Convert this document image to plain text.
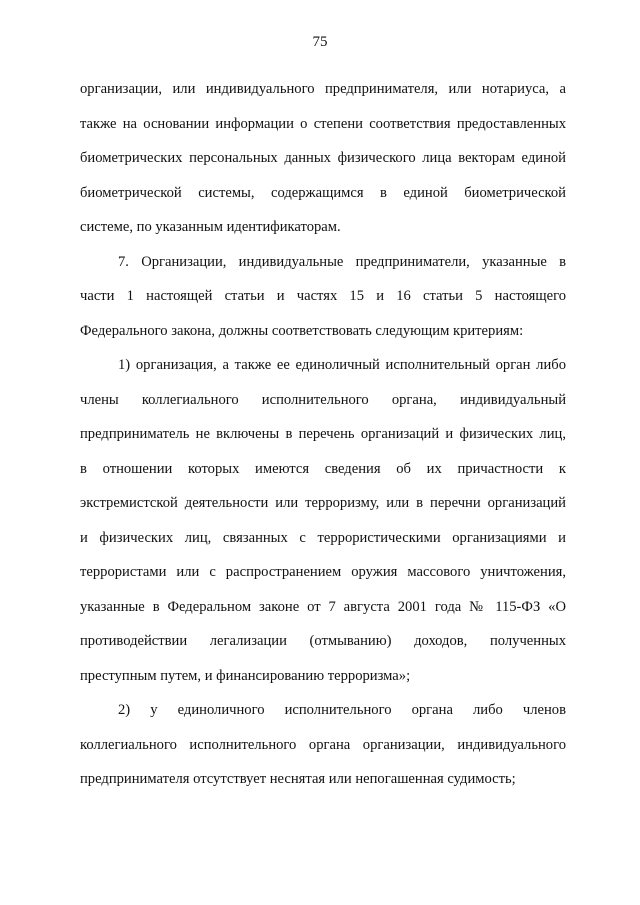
75
организации, или индивидуального предпринимателя, или нотариуса, а
также на основании информации о степени соответствия предоставленных
биометрических персональных данных физического лица векторам единой
биометрической системы, содержащимся в единой биометрической
системе, по указанным идентификаторам.
7. Организации, индивидуальные предприниматели, указанные в
части 1 настоящей статьи и частях 15 и 16 статьи 5 настоящего
Федерального закона, должны соответствовать следующим критериям:
1) организация, а также ее единоличный исполнительный орган либо
члены коллегиального исполнительного органа, индивидуальный
предприниматель не включены в перечень организаций и физических лиц,
в отношении которых имеются сведения об их причастности к
экстремистской деятельности или терроризму, или в перечни организаций
и физических лиц, связанных с террористическими организациями и
террористами или с распространением оружия массового уничтожения,
указанные в Федеральном законе от 7 августа 2001 года № 115-ФЗ «О
противодействии легализации (отмыванию) доходов, полученных
преступным путем, и финансированию терроризма»;
2) у единоличного исполнительного органа либо членов
коллегиального исполнительного органа организации, индивидуального
предпринимателя отсутствует неснятая или непогашенная судимость;
